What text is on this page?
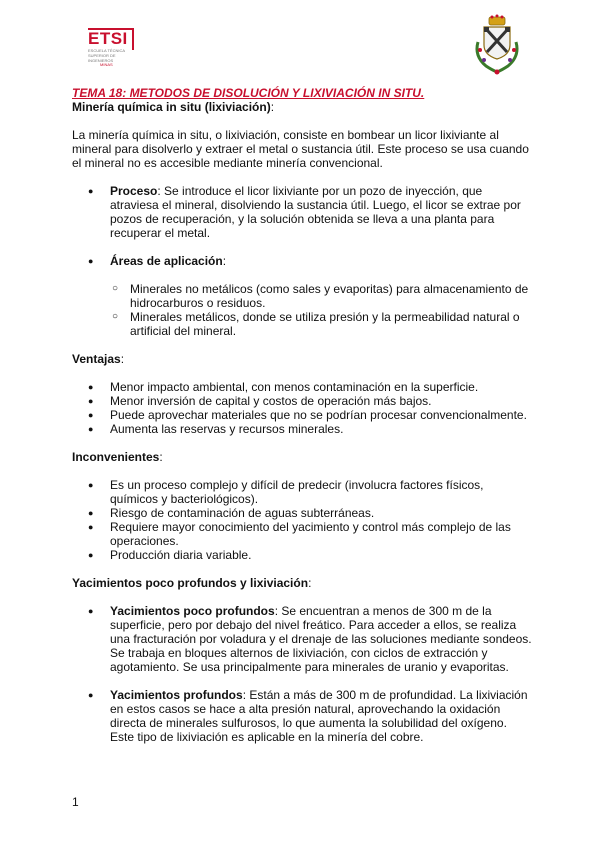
ETSI
ESCUELA TÉCNICA SUPERIOR DE INGENIEROS
MINAS

TEMA 18: METODOS DE DISOLUCIÓN Y LIXIVIACIÓN IN SITU.

Minería química in situ (lixiviación):

La minería química in situ, o lixiviación, consiste en bombear un licor lixiviante al mineral para disolverlo y extraer el metal o sustancia útil. Este proceso se usa cuando el mineral no es accesible mediante minería convencional.

● Proceso: Se introduce el licor lixiviante por un pozo de inyección, que atraviesa el mineral, disolviendo la sustancia útil. Luego, el licor se extrae por pozos de recuperación, y la solución obtenida se lleva a una planta para recuperar el metal.
● Áreas de aplicación:
○ Minerales no metálicos (como sales y evaporitas) para almacenamiento de hidrocarburos o residuos.
○ Minerales metálicos, donde se utiliza presión y la permeabilidad natural o artificial del mineral.

Ventajas:

● Menor impacto ambiental, con menos contaminación en la superficie.
● Menor inversión de capital y costos de operación más bajos.
● Puede aprovechar materiales que no se podrían procesar convencionalmente.
● Aumenta las reservas y recursos minerales.

Inconvenientes:

● Es un proceso complejo y difícil de predecir (involucra factores físicos, químicos y bacteriológicos).
● Riesgo de contaminación de aguas subterráneas.
● Requiere mayor conocimiento del yacimiento y control más complejo de las operaciones.
● Producción diaria variable.

Yacimientos poco profundos y lixiviación:

● Yacimientos poco profundos: Se encuentran a menos de 300 m de la superficie, pero por debajo del nivel freático. Para acceder a ellos, se realiza una fracturación por voladura y el drenaje de las soluciones mediante sondeos. Se trabaja en bloques alternos de lixiviación, con ciclos de extracción y agotamiento. Se usa principalmente para minerales de uranio y evaporitas.
● Yacimientos profundos: Están a más de 300 m de profundidad. La lixiviación en estos casos se hace a alta presión natural, aprovechando la oxidación directa de minerales sulfurosos, lo que aumenta la solubilidad del oxígeno. Este tipo de lixiviación es aplicable en la minería del cobre.
1
